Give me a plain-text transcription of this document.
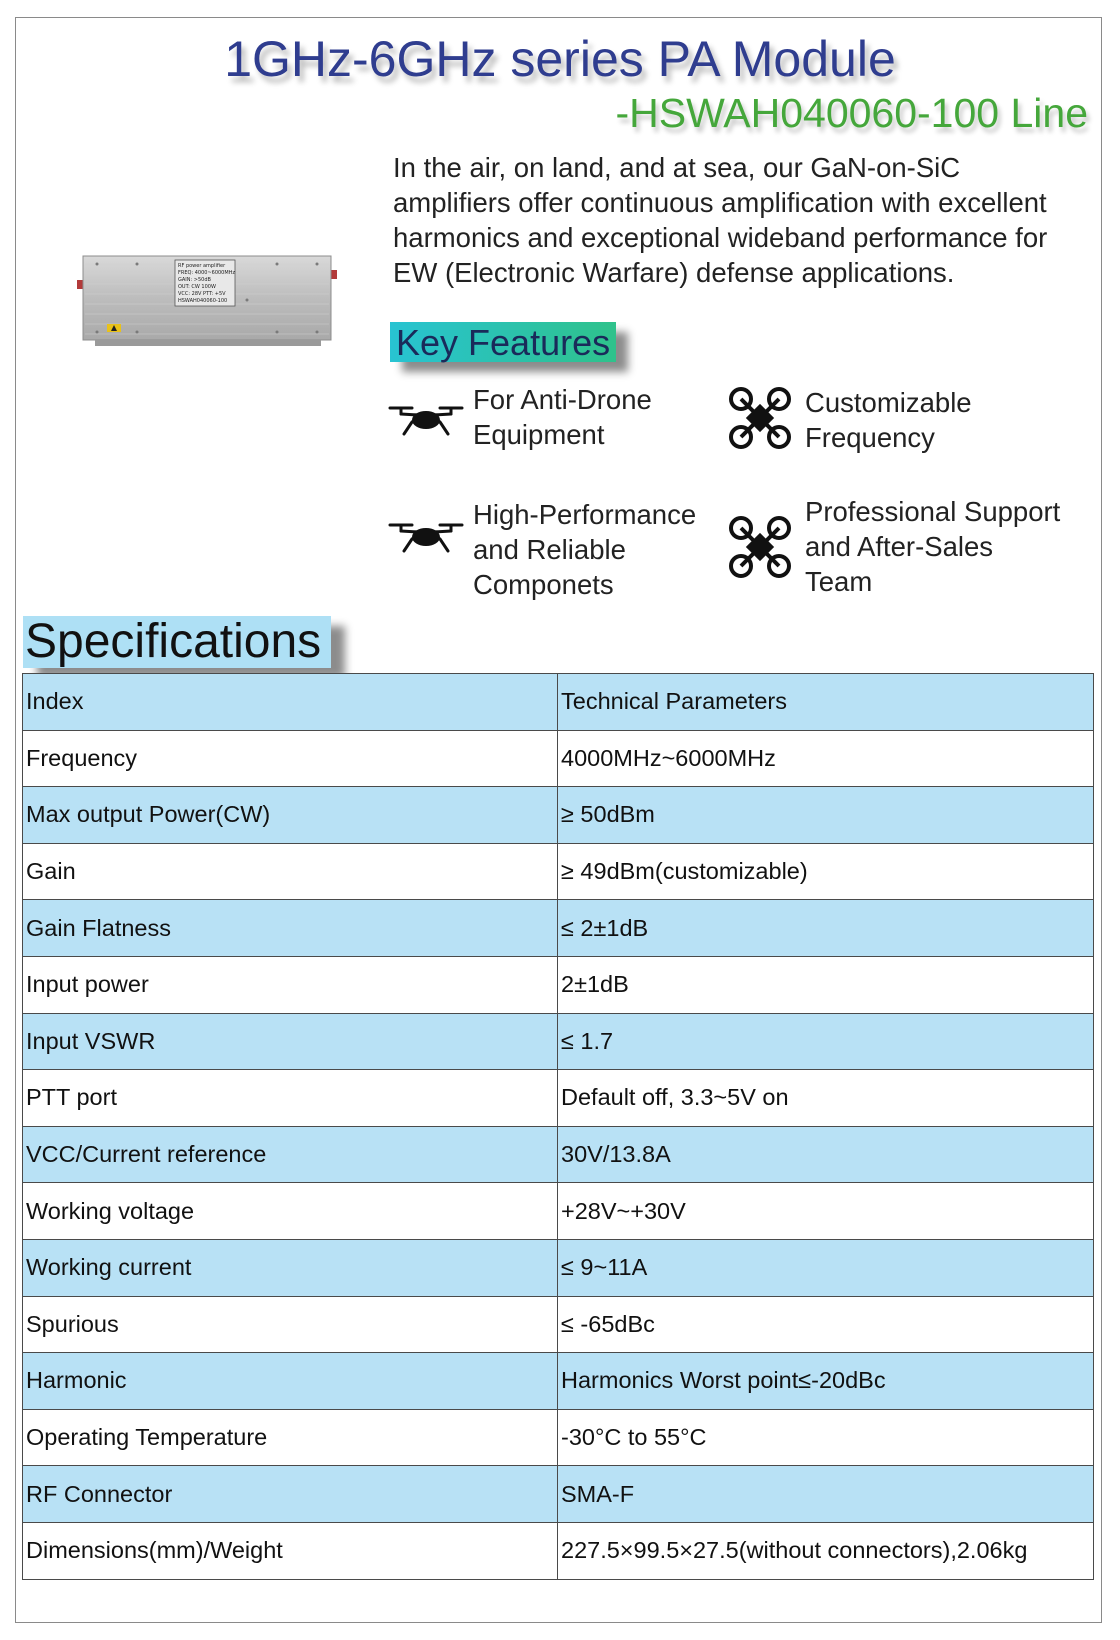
1GHz-6GHz series PA Module
-HSWAH040060-100 Line
RF power amplifier
FREQ: 4000~6000MHz
GAIN: >50dB
OUT: CW 100W
VCC: 28V PTT: +5V
HSWAH040060-100
In the air, on land, and at sea, our GaN-on-SiC
amplifiers offer continuous amplification with excellent
harmonics and exceptional wideband performance for
EW (Electronic Warfare) defense applications.
Key Features
For Anti-Drone
Equipment
Customizable
Frequency
High-Performance
and Reliable
Componets
Professional Support
and After-Sales
Team
Specifications
Index	Technical Parameters
Frequency	4000MHz~6000MHz
Max output Power(CW)	≥ 50dBm
Gain	≥ 49dBm(customizable)
Gain Flatness	≤ 2±1dB
Input power	2±1dB
Input VSWR	≤ 1.7
PTT port	Default off, 3.3~5V on
VCC/Current reference	30V/13.8A
Working voltage	+28V~+30V
Working current	≤ 9~11A
Spurious	≤ -65dBc
Harmonic	Harmonics Worst point≤-20dBc
Operating Temperature	-30°C to 55°C
RF Connector	SMA-F
Dimensions(mm)/Weight	227.5×99.5×27.5(without connectors),2.06kg
